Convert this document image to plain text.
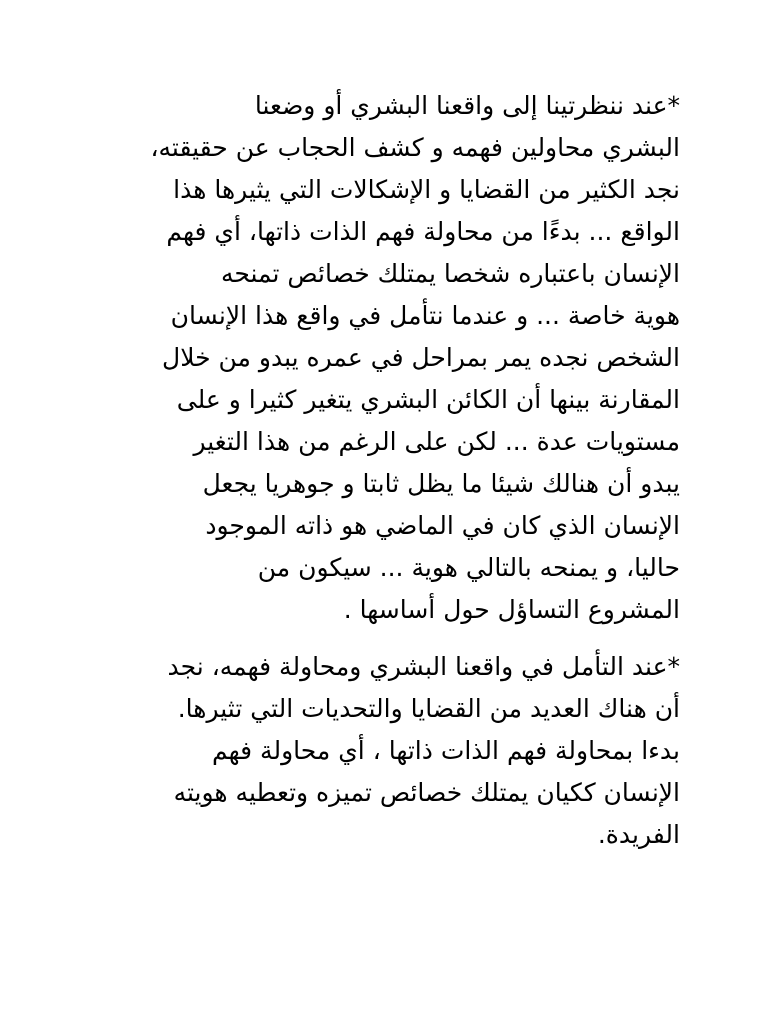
*عند ننظرتينا إلى واقعنا البشري أو وضعنا
البشري محاولين فهمه و كشف الحجاب عن حقيقته،
نجد الكثير من القضايا و الإشكالات التي يثيرها هذا
الواقع ... بدءًا من محاولة فهم الذات ذاتها، أي فهم
الإنسان باعتباره شخصا يمتلك خصائص تمنحه
هوية خاصة ... و عندما نتأمل في واقع هذا الإنسان
الشخص نجده يمر بمراحل في عمره يبدو من خلال
المقارنة بينها أن الكائن البشري يتغير كثيرا و على
مستويات عدة ... لكن على الرغم من هذا التغير
يبدو أن هنالك شيئا ما يظل ثابتا و جوهريا يجعل
الإنسان الذي كان في الماضي هو ذاته الموجود
حاليا، و يمنحه بالتالي هوية ... سيكون من
المشروع التساؤل حول أساسها .
*عند التأمل في واقعنا البشري ومحاولة فهمه، نجد
أن هناك العديد من القضايا والتحديات التي تثيرها.
بدءا بمحاولة فهم الذات ذاتها ، أي محاولة فهم
الإنسان ككيان يمتلك خصائص تميزه وتعطيه هويته
الفريدة.
